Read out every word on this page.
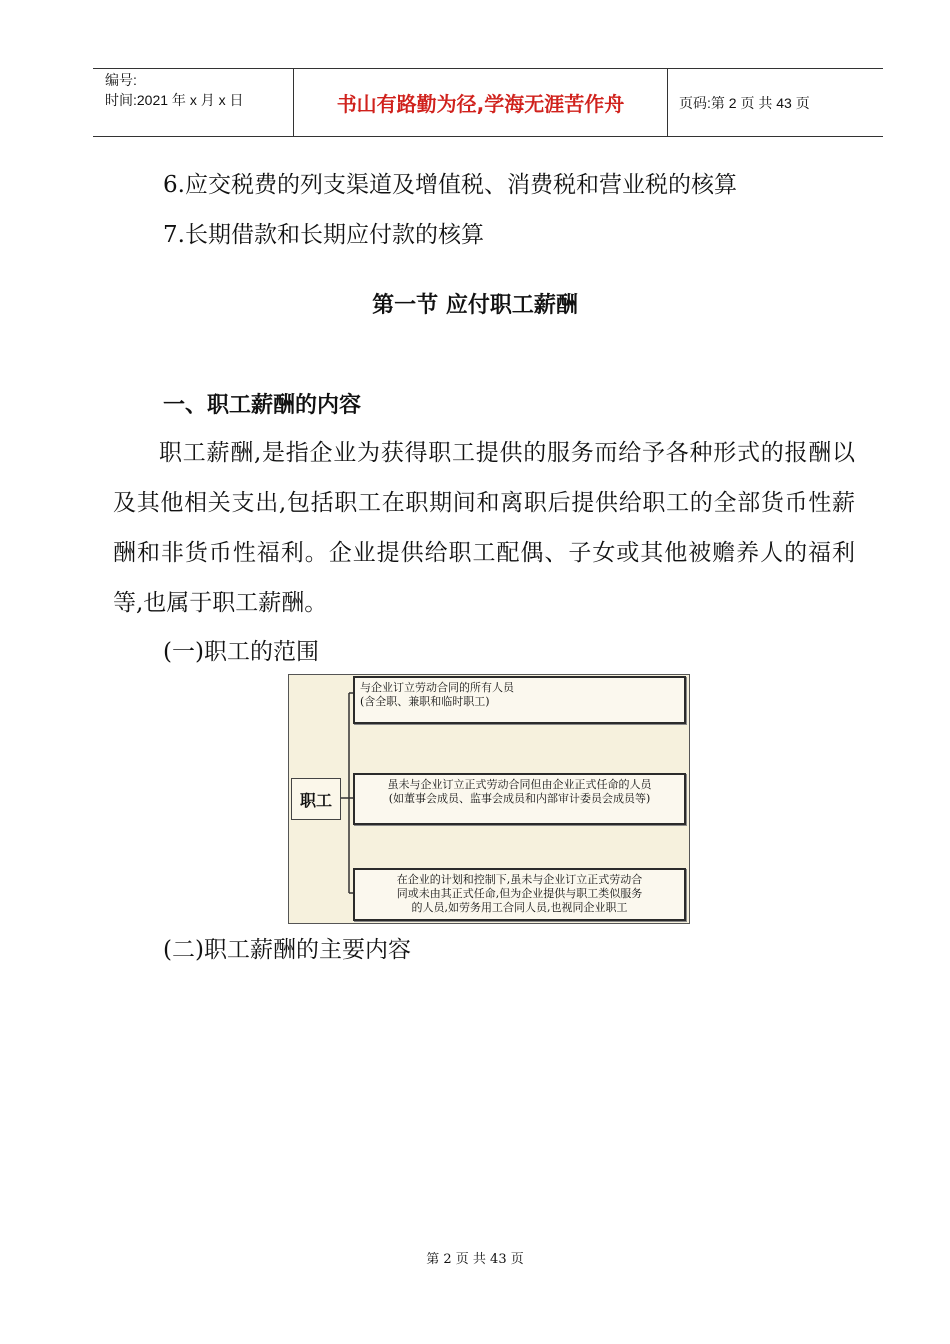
编号:
时间:2021 年 x 月 x 日	书山有路勤为径,学海无涯苦作舟	页码:第 2 页 共 43 页
6.应交税费的列支渠道及增值税、消费税和营业税的核算
7.长期借款和长期应付款的核算
第一节 应付职工薪酬
一、职工薪酬的内容

职工薪酬,是指企业为获得职工提供的服务而给予各种形式的报酬以及其他相关支出,包括职工在职期间和离职后提供给职工的全部货币性薪酬和非货币性福利。企业提供给职工配偶、子女或其他被赡养人的福利等,也属于职工薪酬。

(一)职工的范围
职工
与企业订立劳动合同的所有人员
(含全职、兼职和临时职工)
虽未与企业订立正式劳动合同但由企业正式任命的人员
(如董事会成员、监事会成员和内部审计委员会成员等)
在企业的计划和控制下,虽未与企业订立正式劳动合
同或未由其正式任命,但为企业提供与职工类似服务
的人员,如劳务用工合同人员,也视同企业职工
(二)职工薪酬的主要内容
第 2 页 共 43 页
